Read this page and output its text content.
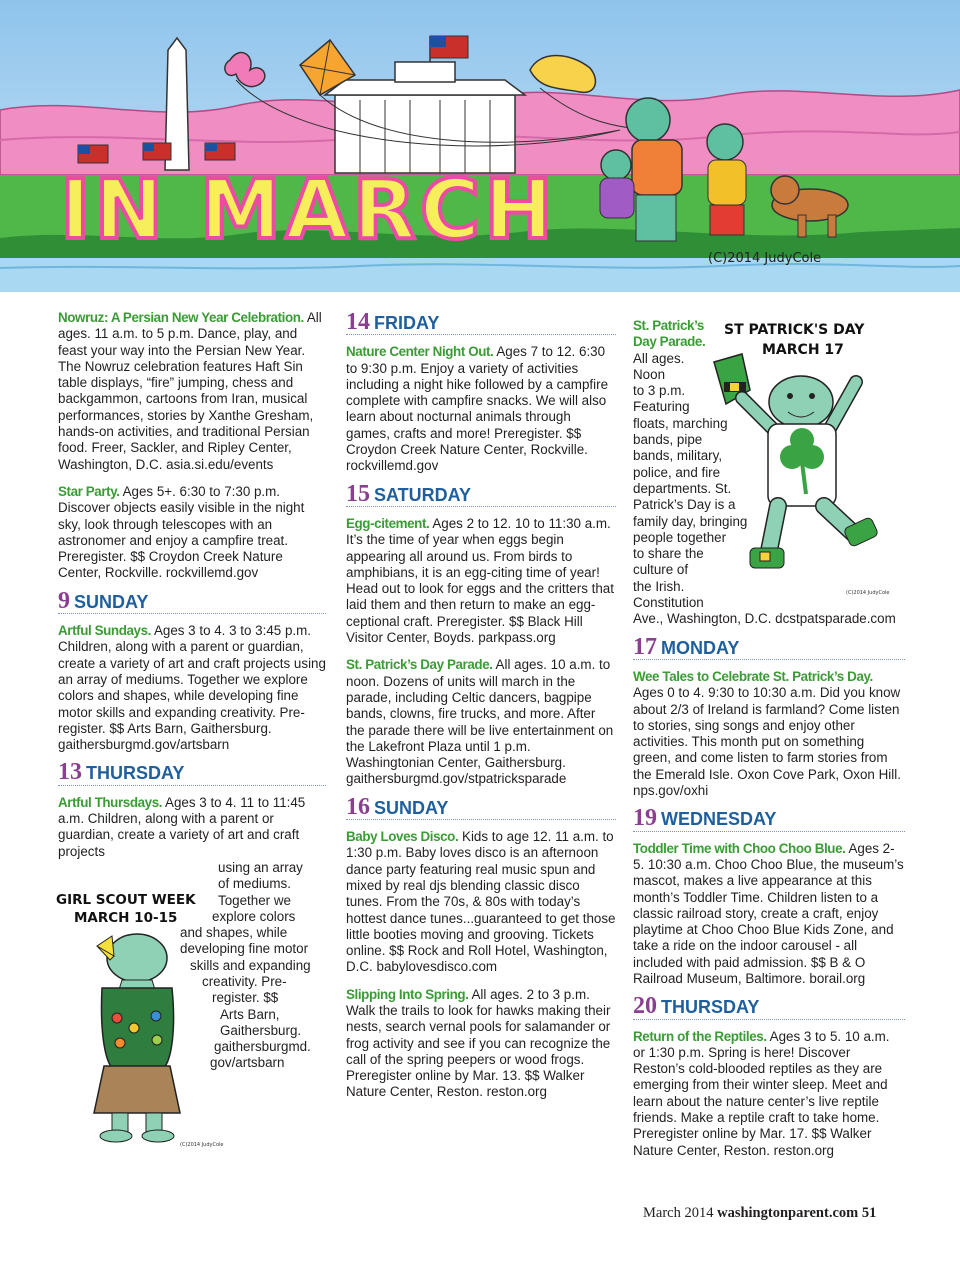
IN MARCH
(C)2014 JudyCole

Nowruz: A Persian New Year Celebration. All ages. 11 a.m. to 5 p.m. Dance, play, and feast your way into the Persian New Year. The Nowruz celebration features Haft Sin table displays, “fire” jumping, chess and backgammon, cartoons from Iran, musical performances, stories by Xanthe Gresham, hands-on activities, and traditional Persian food. Freer, Sackler, and Ripley Center, Washington, D.C. asia.si.edu/events

Star Party. Ages 5+. 6:30 to 7:30 p.m. Discover objects easily visible in the night sky, look through telescopes with an astronomer and enjoy a campfire treat. Preregister. $$ Croydon Creek Nature Center, Rockville. rockvillemd.gov

9 SUNDAY

Artful Sundays. Ages 3 to 4. 3 to 3:45 p.m. Children, along with a parent or guardian, create a variety of art and craft projects using an array of mediums. Together we explore colors and shapes, while developing fine motor skills and expanding creativity. Pre-register. $$ Arts Barn, Gaithersburg. gaithersburgmd.gov/artsbarn

13 THURSDAY
Artful Thursdays. Ages 3 to 4. 11 to 11:45 a.m. Children, along with a parent or guardian, create a variety of art and craft projects
using an array
of mediums.
Together we
explore colors
and shapes, while
developing fine motor
skills and expanding
creativity. Pre-
register. $$
Arts Barn,
Gaithersburg.
gaithersburgmd.
gov/artsbarn
GIRL SCOUT WEEK
MARCH 10-15
(C)2014 JudyCole
14 FRIDAY

Nature Center Night Out. Ages 7 to 12. 6:30 to 9:30 p.m. Enjoy a variety of activities including a night hike followed by a campfire complete with campfire snacks. We will also learn about nocturnal animals through games, crafts and more! Preregister. $$ Croydon Creek Nature Center, Rockville. rockvillemd.gov

15 SATURDAY

Egg-citement. Ages 2 to 12. 10 to 11:30 a.m. It’s the time of year when eggs begin appearing all around us. From birds to amphibians, it is an egg-citing time of year! Head out to look for eggs and the critters that laid them and then return to make an egg-ceptional craft. Preregister. $$ Black Hill Visitor Center, Boyds. parkpass.org

St. Patrick’s Day Parade. All ages. 10 a.m. to noon. Dozens of units will march in the parade, including Celtic dancers, bagpipe bands, clowns, fire trucks, and more. After the parade there will be live entertainment on the Lakefront Plaza until 1 p.m. Washingtonian Center, Gaithersburg. gaithersburgmd.gov/stpatricksparade

16 SUNDAY

Baby Loves Disco. Kids to age 12. 11 a.m. to 1:30 p.m. Baby loves disco is an afternoon dance party featuring real music spun and mixed by real djs blending classic disco tunes. From the 70s, & 80s with today’s hottest dance tunes...guaranteed to get those little booties moving and grooving. Tickets online. $$ Rock and Roll Hotel, Washington, D.C. babylovesdisco.com

Slipping Into Spring. All ages. 2 to 3 p.m. Walk the trails to look for hawks making their nests, search vernal pools for salamander or frog activity and see if you can recognize the call of the spring peepers or wood frogs. Preregister online by Mar. 13. $$ Walker Nature Center, Reston. reston.org

St. Patrick’s
Day Parade.
All ages.
Noon
to 3 p.m.
Featuring
floats, marching
bands, pipe
bands, military,
police, and fire
departments. St.
Patrick’s Day is a
family day, bringing
people together
to share the
culture of
the Irish.
Constitution
Ave., Washington, D.C. dcstpatsparade.com
17 MONDAY

Wee Tales to Celebrate St. Patrick’s Day. Ages 0 to 4. 9:30 to 10:30 a.m. Did you know about 2/3 of Ireland is farmland? Come listen to stories, sing songs and enjoy other activities. This month put on something green, and come listen to farm stories from the Emerald Isle. Oxon Cove Park, Oxon Hill. nps.gov/oxhi

19 WEDNESDAY

Toddler Time with Choo Choo Blue. Ages 2-5. 10:30 a.m. Choo Choo Blue, the museum’s mascot, makes a live appearance at this month’s Toddler Time. Children listen to a classic railroad story, create a craft, enjoy playtime at Choo Choo Blue Kids Zone, and take a ride on the indoor carousel - all included with paid admission. $$ B & O Railroad Museum, Baltimore. borail.org

20 THURSDAY

Return of the Reptiles. Ages 3 to 5. 10 a.m. or 1:30 p.m. Spring is here! Discover Reston’s cold-blooded reptiles as they are emerging from their winter sleep. Meet and learn about the nature center’s live reptile friends. Make a reptile craft to take home. Preregister online by Mar. 17. $$ Walker Nature Center, Reston. reston.org

ST PATRICK'S DAY
MARCH 17
(C)2014 JudyCole
March 2014 washingtonparent.com 51
